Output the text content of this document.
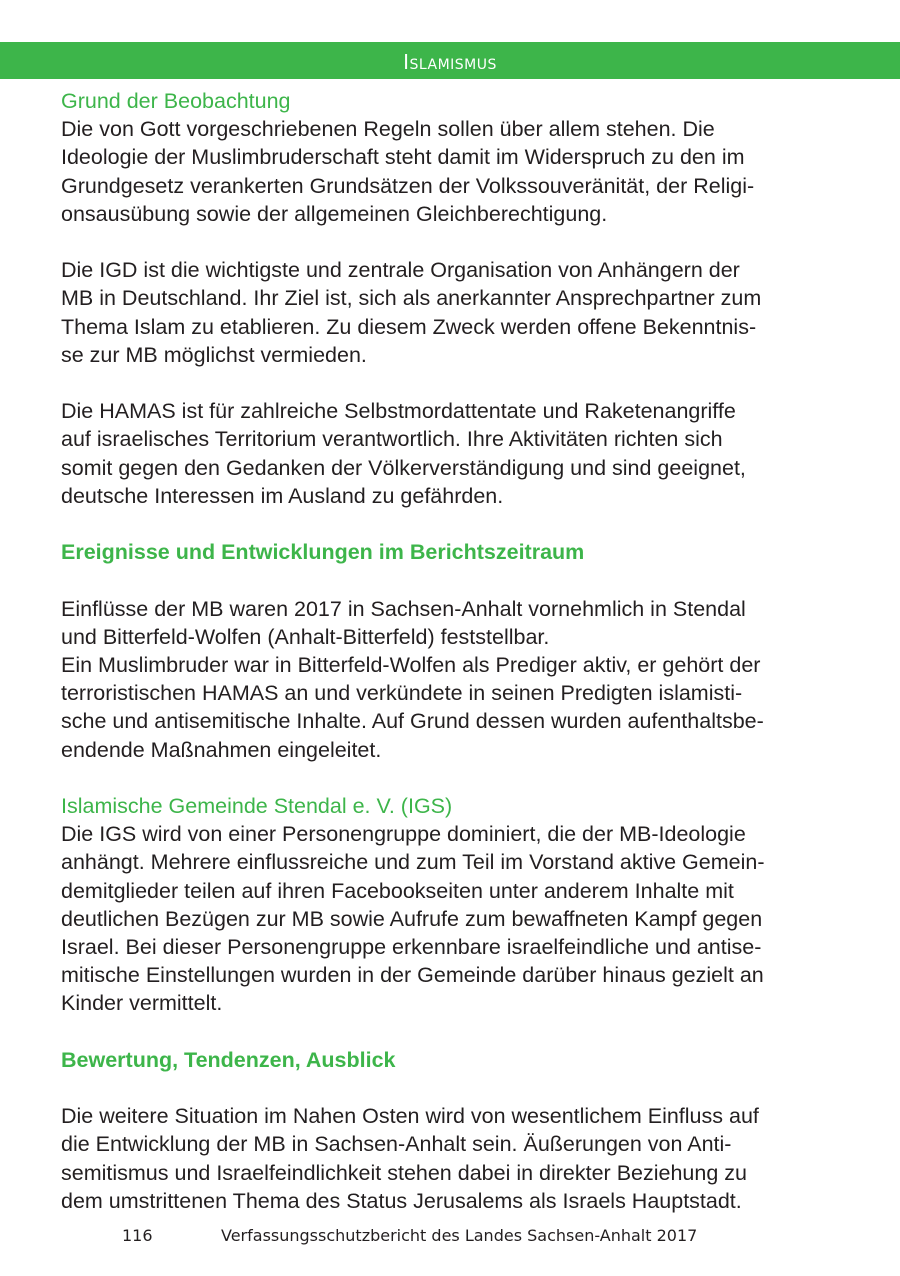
Islamismus

Grund der Beobachtung

Die von Gott vorgeschriebenen Regeln sollen über allem stehen. Die
Ideologie der Muslimbruderschaft steht damit im Widerspruch zu den im
Grundgesetz verankerten Grundsätzen der Volkssouveränität, der Religi-
onsausübung sowie der allgemeinen Gleichberechtigung.

Die IGD ist die wichtigste und zentrale Organisation von Anhängern der
MB in Deutschland. Ihr Ziel ist, sich als anerkannter Ansprechpartner zum
Thema Islam zu etablieren. Zu diesem Zweck werden offene Bekenntnis-
se zur MB möglichst vermieden.

Die HAMAS ist für zahlreiche Selbstmordattentate und Raketenangriffe
auf israelisches Territorium verantwortlich. Ihre Aktivitäten richten sich
somit gegen den Gedanken der Völkerverständigung und sind geeignet,
deutsche Interessen im Ausland zu gefährden.

Ereignisse und Entwicklungen im Berichtszeitraum

Einflüsse der MB waren 2017 in Sachsen-Anhalt vornehmlich in Stendal
und Bitterfeld-Wolfen (Anhalt-Bitterfeld) feststellbar.
Ein Muslimbruder war in Bitterfeld-Wolfen als Prediger aktiv, er gehört der
terroristischen HAMAS an und verkündete in seinen Predigten islamisti-
sche und antisemitische Inhalte. Auf Grund dessen wurden aufenthaltsbe-
endende Maßnahmen eingeleitet.

Islamische Gemeinde Stendal e. V. (IGS)

Die IGS wird von einer Personengruppe dominiert, die der MB-Ideologie
anhängt. Mehrere einflussreiche und zum Teil im Vorstand aktive Gemein-
demitglieder teilen auf ihren Facebookseiten unter anderem Inhalte mit
deutlichen Bezügen zur MB sowie Aufrufe zum bewaffneten Kampf gegen
Israel. Bei dieser Personengruppe erkennbare israelfeindliche und antise-
mitische Einstellungen wurden in der Gemeinde darüber hinaus gezielt an
Kinder vermittelt.

Bewertung, Tendenzen, Ausblick

Die weitere Situation im Nahen Osten wird von wesentlichem Einfluss auf
die Entwicklung der MB in Sachsen-Anhalt sein. Äußerungen von Anti-
semitismus und Israelfeindlichkeit stehen dabei in direkter Beziehung zu
dem umstrittenen Thema des Status Jerusalems als Israels Hauptstadt.

116	Verfassungsschutzbericht des Landes Sachsen-Anhalt 2017
